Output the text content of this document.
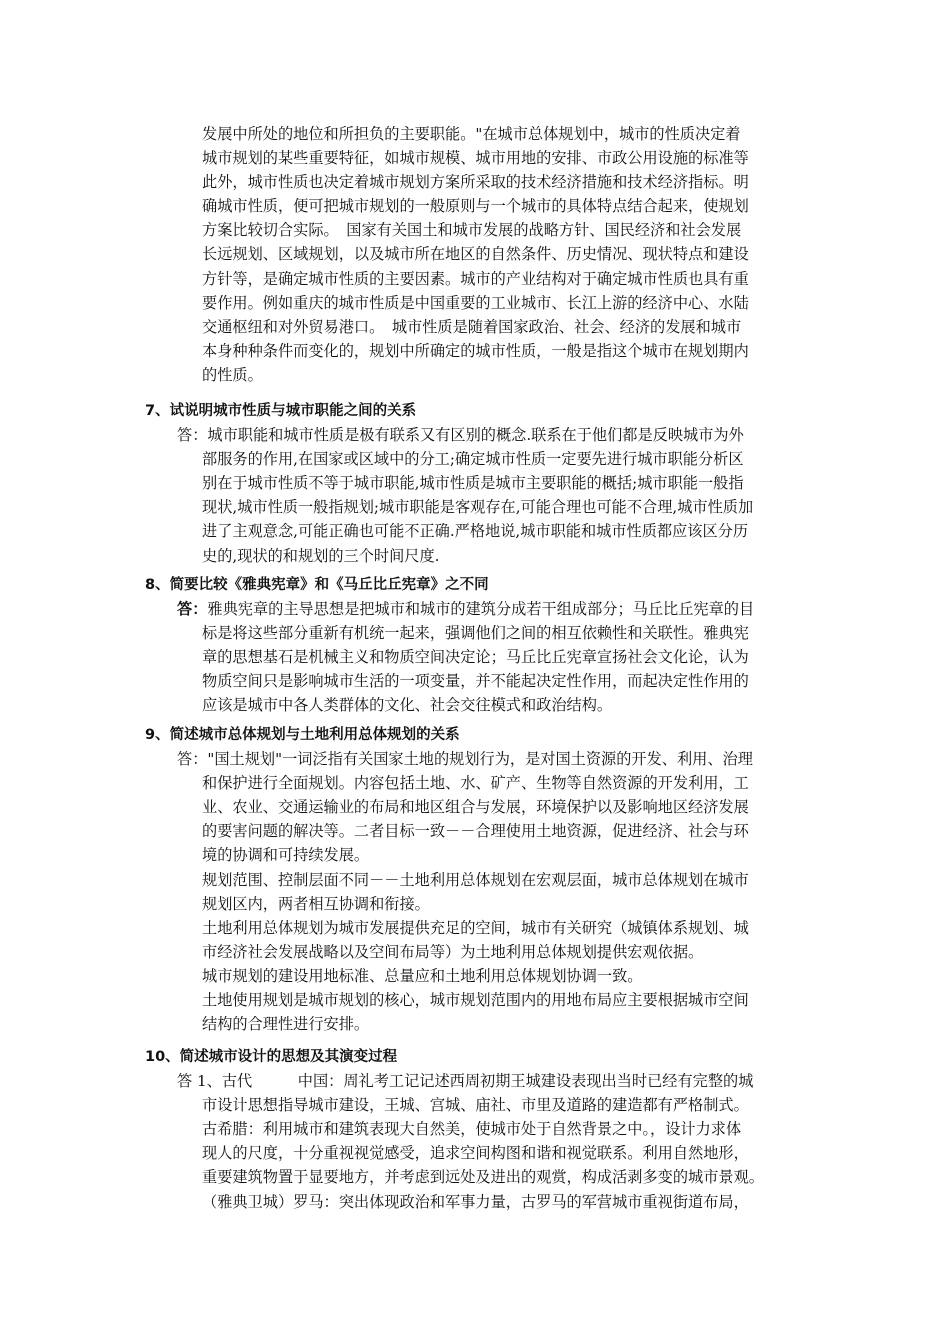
发展中所处的地位和所担负的主要职能。"在城市总体规划中，城市的性质决定着
城市规划的某些重要特征，如城市规模、城市用地的安排、市政公用设施的标准等
此外，城市性质也决定着城市规划方案所采取的技术经济措施和技术经济指标。明
确城市性质，便可把城市规划的一般原则与一个城市的具体特点结合起来，使规划
方案比较切合实际。　国家有关国土和城市发展的战略方针、国民经济和社会发展
长远规划、区域规划，以及城市所在地区的自然条件、历史情况、现状特点和建设
方针等，是确定城市性质的主要因素。城市的产业结构对于确定城市性质也具有重
要作用。例如重庆的城市性质是中国重要的工业城市、长江上游的经济中心、水陆
交通枢纽和对外贸易港口。　城市性质是随着国家政治、社会、经济的发展和城市
本身种种条件而变化的，规划中所确定的城市性质，一般是指这个城市在规划期内
的性质。
7、试说明城市性质与城市职能之间的关系
答：城市职能和城市性质是极有联系又有区别的概念.联系在于他们都是反映城市为外
部服务的作用,在国家或区域中的分工;确定城市性质一定要先进行城市职能分析区
别在于城市性质不等于城市职能,城市性质是城市主要职能的概括;城市职能一般指
现状,城市性质一般指规划;城市职能是客观存在,可能合理也可能不合理,城市性质加
进了主观意念,可能正确也可能不正确.严格地说,城市职能和城市性质都应该区分历
史的,现状的和规划的三个时间尺度.
8、简要比较《雅典宪章》和《马丘比丘宪章》之不同
答：雅典宪章的主导思想是把城市和城市的建筑分成若干组成部分；马丘比丘宪章的目
标是将这些部分重新有机统一起来，强调他们之间的相互依赖性和关联性。雅典宪
章的思想基石是机械主义和物质空间决定论；马丘比丘宪章宣扬社会文化论，认为
物质空间只是影响城市生活的一项变量，并不能起决定性作用，而起决定性作用的
应该是城市中各人类群体的文化、社会交往模式和政治结构。
9、简述城市总体规划与土地利用总体规划的关系
答："国土规划"一词泛指有关国家土地的规划行为，是对国土资源的开发、利用、治理
和保护进行全面规划。内容包括土地、水、矿产、生物等自然资源的开发利用，工
业、农业、交通运输业的布局和地区组合与发展，环境保护以及影响地区经济发展
的要害问题的解决等。二者目标一致－－合理使用土地资源，促进经济、社会与环
境的协调和可持续发展。
规划范围、控制层面不同－－土地利用总体规划在宏观层面，城市总体规划在城市
规划区内，两者相互协调和衔接。
土地利用总体规划为城市发展提供充足的空间，城市有关研究（城镇体系规划、城
市经济社会发展战略以及空间布局等）为土地利用总体规划提供宏观依据。
城市规划的建设用地标准、总量应和土地利用总体规划协调一致。
土地使用规划是城市规划的核心，城市规划范围内的用地布局应主要根据城市空间
结构的合理性进行安排。
10、简述城市设计的思想及其演变过程
答 1、古代　　　中国：周礼考工记记述西周初期王城建设表现出当时已经有完整的城
市设计思想指导城市建设，王城、宫城、庙社、市里及道路的建造都有严格制式。
古希腊：利用城市和建筑表现大自然美，使城市处于自然背景之中。，设计力求体
现人的尺度，十分重视视觉感受，追求空间构图和谐和视觉联系。利用自然地形，
重要建筑物置于显要地方，并考虑到远处及进出的观赏，构成活剥多变的城市景观。
（雅典卫城）罗马：突出体现政治和军事力量，古罗马的军营城市重视街道布局，
